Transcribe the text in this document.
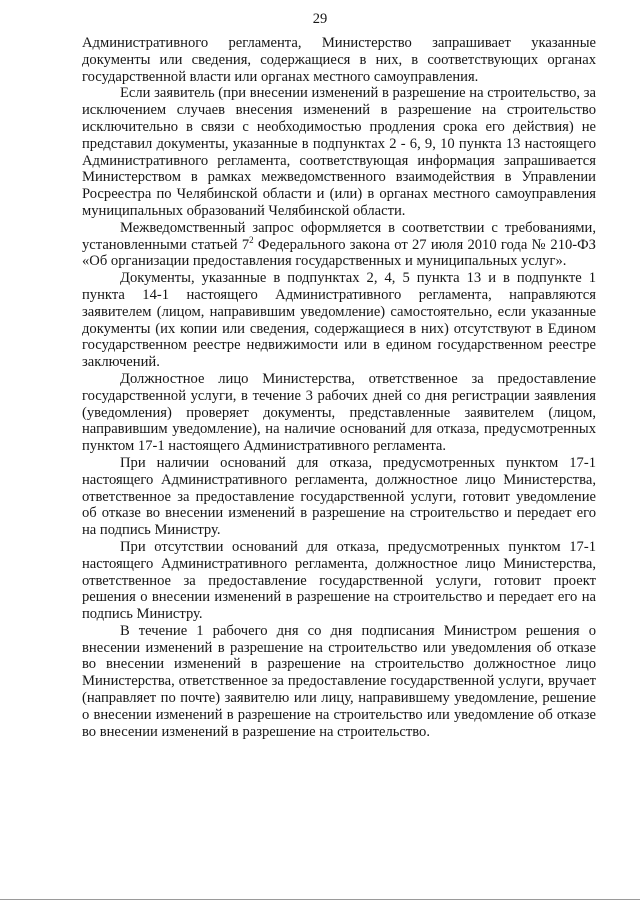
29

Административного регламента, Министерство запрашивает указанные документы или сведения, содержащиеся в них, в соответствующих органах государственной власти или органах местного самоуправления.

Если заявитель (при внесении изменений в разрешение на строительство, за исключением случаев внесения изменений в разрешение на строительство исключительно в связи с необходимостью продления срока его действия) не представил документы, указанные в подпунктах 2 - 6, 9, 10 пункта 13 настоящего Административного регламента, соответствующая информация запрашивается Министерством в рамках межведомственного взаимодействия в Управлении Росреестра по Челябинской области и (или) в органах местного самоуправления муниципальных образований Челябинской области.

Межведомственный запрос оформляется в соответствии с требованиями, установленными статьей $7^2$ Федерального закона от 27 июля 2010 года № 210-ФЗ «Об организации предоставления государственных и муниципальных услуг».

Документы, указанные в подпунктах 2, 4, 5 пункта 13 и в подпункте 1 пункта 14-1 настоящего Административного регламента, направляются заявителем (лицом, направившим уведомление) самостоятельно, если указанные документы (их копии или сведения, содержащиеся в них) отсутствуют в Едином государственном реестре недвижимости или в едином государственном реестре заключений.

Должностное лицо Министерства, ответственное за предоставление государственной услуги, в течение 3 рабочих дней со дня регистрации заявления (уведомления) проверяет документы, представленные заявителем (лицом, направившим уведомление), на наличие оснований для отказа, предусмотренных пунктом 17-1 настоящего Административного регламента.

При наличии оснований для отказа, предусмотренных пунктом 17-1 настоящего Административного регламента, должностное лицо Министерства, ответственное за предоставление государственной услуги, готовит уведомление об отказе во внесении изменений в разрешение на строительство и передает его на подпись Министру.

При отсутствии оснований для отказа, предусмотренных пунктом 17-1 настоящего Административного регламента, должностное лицо Министерства, ответственное за предоставление государственной услуги, готовит проект решения о внесении изменений в разрешение на строительство и передает его на подпись Министру.

В течение 1 рабочего дня со дня подписания Министром решения о внесении изменений в разрешение на строительство или уведомления об отказе во внесении изменений в разрешение на строительство должностное лицо Министерства, ответственное за предоставление государственной услуги, вручает (направляет по почте) заявителю или лицу, направившему уведомление, решение о внесении изменений в разрешение на строительство или уведомление об отказе во внесении изменений в разрешение на строительство.
